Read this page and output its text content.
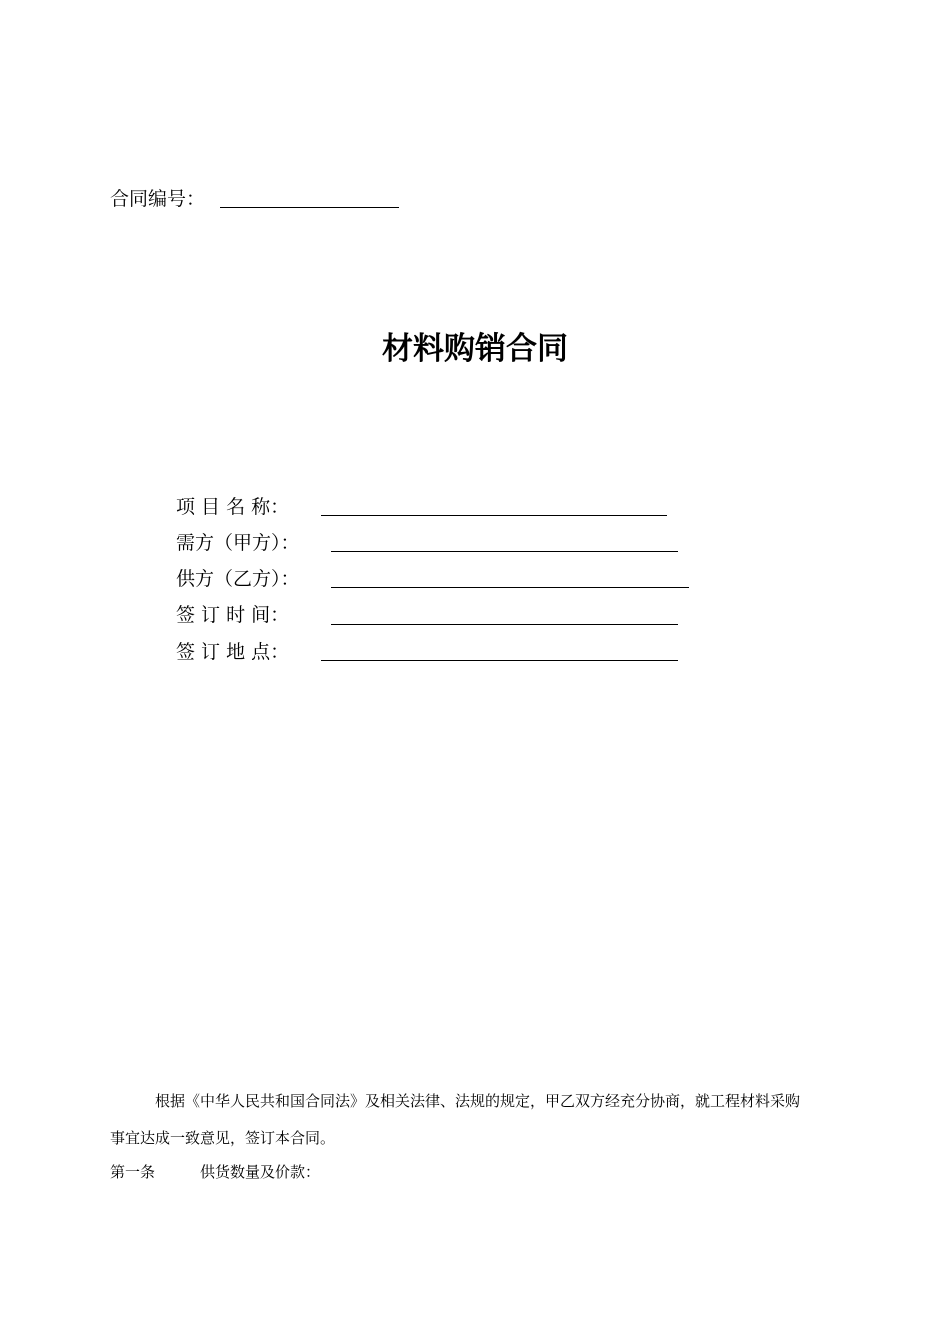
合同编号：
材料购销合同
项 目 名 称：
需方（甲方）：
供方（乙方）：
签 订 时 间：
签 订 地 点：
根据《中华人民共和国合同法》及相关法律、法规的规定，甲乙双方经充分协商，就工程材料采购
事宜达成一致意见，签订本合同。
第一条	供货数量及价款：
